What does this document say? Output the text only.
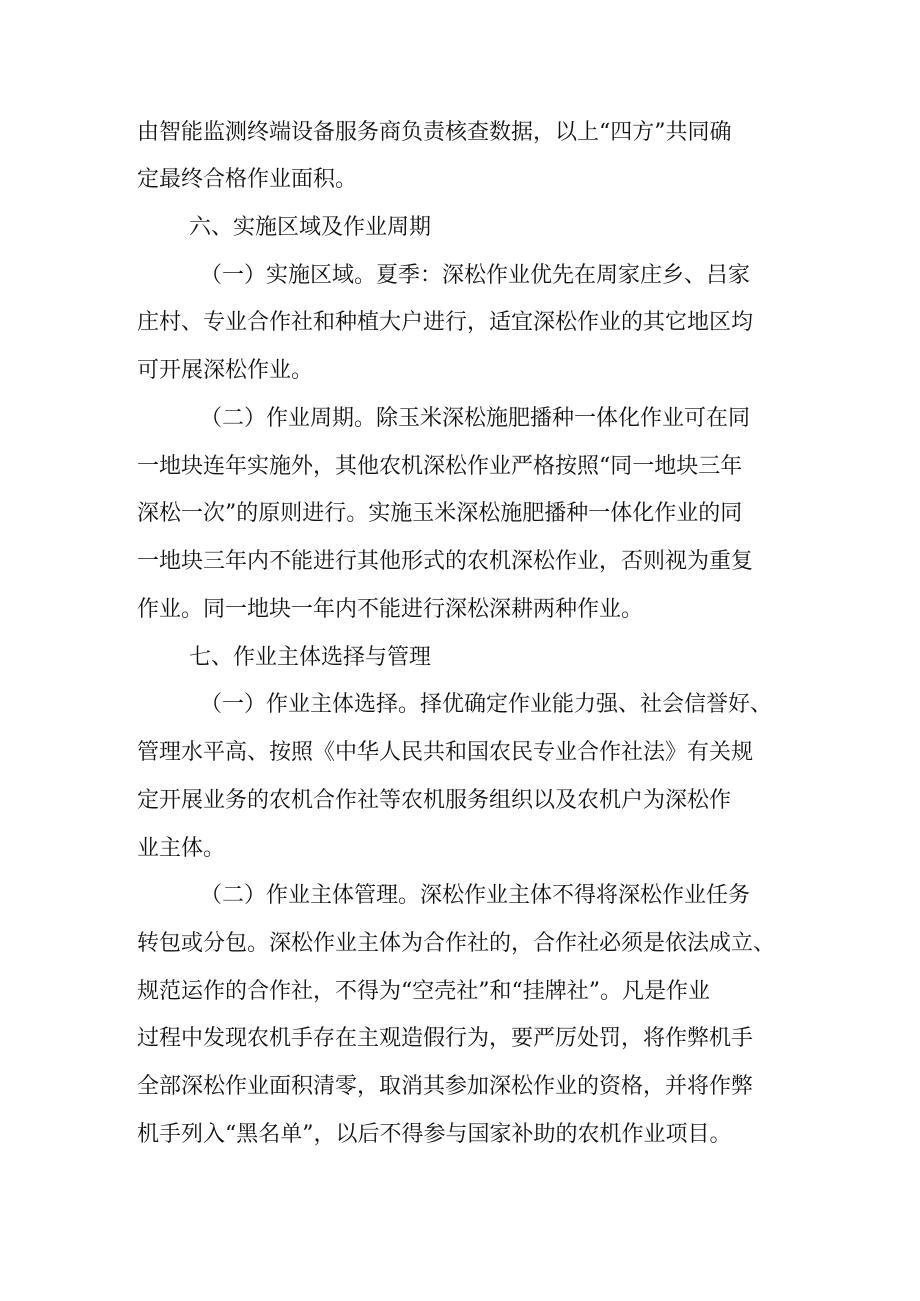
由智能监测终端设备服务商负责核查数据，以上“四方”共同确
定最终合格作业面积。
六、实施区域及作业周期
（一）实施区域。夏季：深松作业优先在周家庄乡、吕家
庄村、专业合作社和种植大户进行，适宜深松作业的其它地区均
可开展深松作业。
（二）作业周期。除玉米深松施肥播种一体化作业可在同
一地块连年实施外，其他农机深松作业严格按照“同一地块三年
深松一次”的原则进行。实施玉米深松施肥播种一体化作业的同
一地块三年内不能进行其他形式的农机深松作业，否则视为重复
作业。同一地块一年内不能进行深松深耕两种作业。
七、作业主体选择与管理
（一）作业主体选择。择优确定作业能力强、社会信誉好、
管理水平高、按照《中华人民共和国农民专业合作社法》有关规
定开展业务的农机合作社等农机服务组织以及农机户为深松作
业主体。
（二）作业主体管理。深松作业主体不得将深松作业任务
转包或分包。深松作业主体为合作社的，合作社必须是依法成立、
规范运作的合作社，不得为“空壳社”和“挂牌社”。凡是作业
过程中发现农机手存在主观造假行为，要严厉处罚，将作弊机手
全部深松作业面积清零，取消其参加深松作业的资格，并将作弊
机手列入“黑名单”，以后不得参与国家补助的农机作业项目。
